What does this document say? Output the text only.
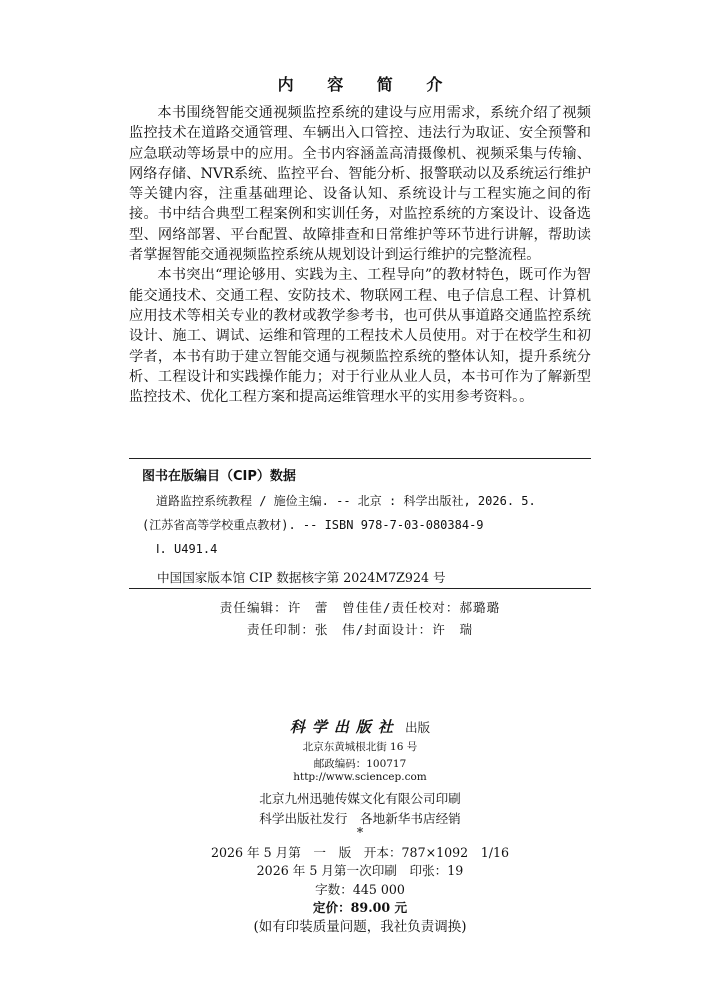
内 容 简 介

本书围绕智能交通视频监控系统的建设与应用需求，系统介绍了视频监控技术在道路交通管理、车辆出入口管控、违法行为取证、安全预警和应急联动等场景中的应用。全书内容涵盖高清摄像机、视频采集与传输、网络存储、NVR系统、监控平台、智能分析、报警联动以及系统运行维护等关键内容，注重基础理论、设备认知、系统设计与工程实施之间的衔接。书中结合典型工程案例和实训任务，对监控系统的方案设计、设备选型、网络部署、平台配置、故障排查和日常维护等环节进行讲解，帮助读者掌握智能交通视频监控系统从规划设计到运行维护的完整流程。

本书突出“理论够用、实践为主、工程导向”的教材特色，既可作为智能交通技术、交通工程、安防技术、物联网工程、电子信息工程、计算机应用技术等相关专业的教材或教学参考书，也可供从事道路交通监控系统设计、施工、调试、运维和管理的工程技术人员使用。对于在校学生和初学者，本书有助于建立智能交通与视频监控系统的整体认知，提升系统分析、工程设计和实践操作能力；对于行业从业人员，本书可作为了解新型监控技术、优化工程方案和提高运维管理水平的实用参考资料。。

图书在版编目（CIP）数据
道路监控系统教程 / 施俭主编. -- 北京 : 科学出版社, 2026. 5.
(江苏省高等学校重点教材). -- ISBN 978-7-03-080384-9
Ⅰ. U491.4
中国国家版本馆 CIP 数据核字第 2024M7Z924 号
责任编辑：许　蕾　曾佳佳/责任校对：郝璐璐
责任印制：张　伟/封面设计：许　瑞
科学出版社 出版
北京东黄城根北街 16 号
邮政编码：100717
http://www.sciencep.com
北京九州迅驰传媒文化有限公司印刷
科学出版社发行　各地新华书店经销
*
2026 年 5 月第　一　版　开本：787×1092　1/16
2026 年 5 月第一次印刷　印张：19
字数：445 000
定价：89.00 元
(如有印装质量问题，我社负责调换)
